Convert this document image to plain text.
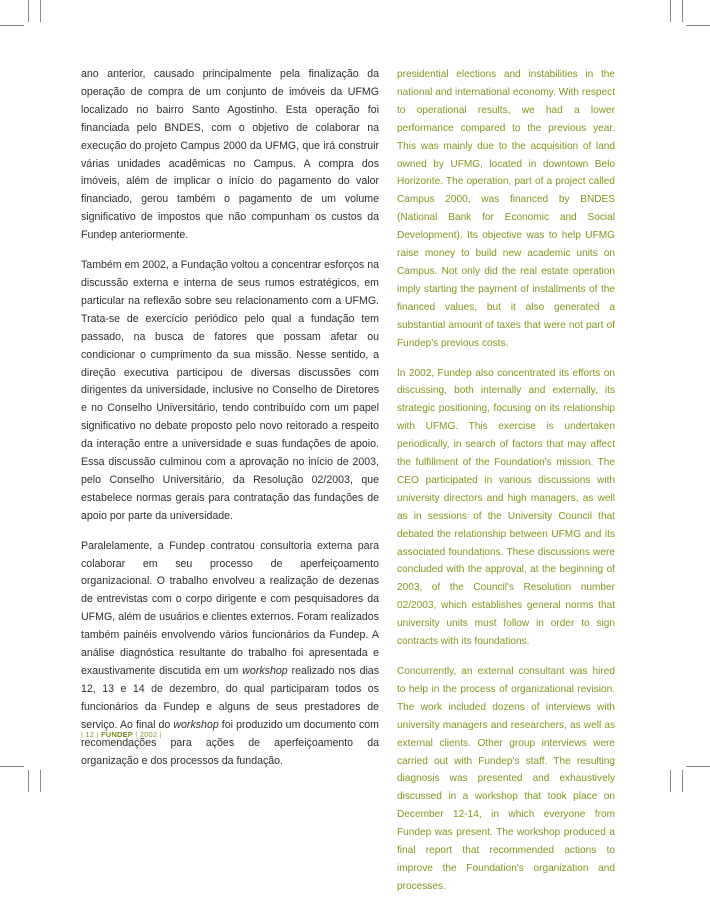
ano anterior, causado principalmente pela finalização da operação de compra de um conjunto de imóveis da UFMG localizado no bairro Santo Agostinho. Esta operação foi financiada pelo BNDES, com o objetivo de colaborar na execução do projeto Campus 2000 da UFMG, que irá construir várias unidades acadêmicas no Campus. A compra dos imóveis, além de implicar o início do pagamento do valor financiado, gerou também o pagamento de um volume significativo de impostos que não compunham os custos da Fundep anteriormente.

Também em 2002, a Fundação voltou a concentrar esforços na discussão externa e interna de seus rumos estratégicos, em particular na reflexão sobre seu relacionamento com a UFMG. Trata-se de exercício periódico pelo qual a fundação tem passado, na busca de fatores que possam afetar ou condicionar o cumprimento da sua missão. Nesse sentido, a direção executiva participou de diversas discussões com dirigentes da universidade, inclusive no Conselho de Diretores e no Conselho Universitário, tendo contribuído com um papel significativo no debate proposto pelo novo reitorado a respeito da interação entre a universidade e suas fundações de apoio. Essa discussão culminou com a aprovação no início de 2003, pelo Conselho Universitário, da Resolução 02/2003, que estabelece normas gerais para contratação das fundações de apoio por parte da universidade.

Paralelamente, a Fundep contratou consultoria externa para colaborar em seu processo de aperfeiçoamento organizacional. O trabalho envolveu a realização de dezenas de entrevistas com o corpo dirigente e com pesquisadores da UFMG, além de usuários e clientes externos. Foram realizados também painéis envolvendo vários funcionários da Fundep. A análise diagnóstica resultante do trabalho foi apresentada e exaustivamente discutida em um workshop realizado nos dias 12, 13 e 14 de dezembro, do qual participaram todos os funcionários da Fundep e alguns de seus prestadores de serviço. Ao final do workshop foi produzido um documento com recomendações para ações de aperfeiçoamento da organização e dos processos da fundação.

presidential elections and instabilities in the national and international economy. With respect to operational results, we had a lower performance compared to the previous year. This was mainly due to the acquisition of land owned by UFMG, located in downtown Belo Horizonte. The operation, part of a project called Campus 2000, was financed by BNDES (National Bank for Economic and Social Development). Its objective was to help UFMG raise money to build new academic units on Campus. Not only did the real estate operation imply starting the payment of installments of the financed values, but it also generated a substantial amount of taxes that were not part of Fundep's previous costs.

In 2002, Fundep also concentrated its efforts on discussing, both internally and externally, its strategic positioning, focusing on its relationship with UFMG. This exercise is undertaken periodically, in search of factors that may affect the fulfillment of the Foundation's mission. The CEO participated in various discussions with university directors and high managers, as well as in sessions of the University Council that debated the relationship between UFMG and its associated foundations. These discussions were concluded with the approval, at the beginning of 2003, of the Council's Resolution number 02/2003, which establishes general norms that university units must follow in order to sign contracts with its foundations.

Concurrently, an external consultant was hired to help in the process of organizational revision. The work included dozens of interviews with university managers and researchers, as well as external clients. Other group interviews were carried out with Fundep's staff. The resulting diagnosis was presented and exhaustively discussed in a workshop that took place on December 12-14, in which everyone from Fundep was present. The workshop produced a final report that recommended actions to improve the Foundation's organization and processes.

| 12 | FUNDEP | 2002 |
